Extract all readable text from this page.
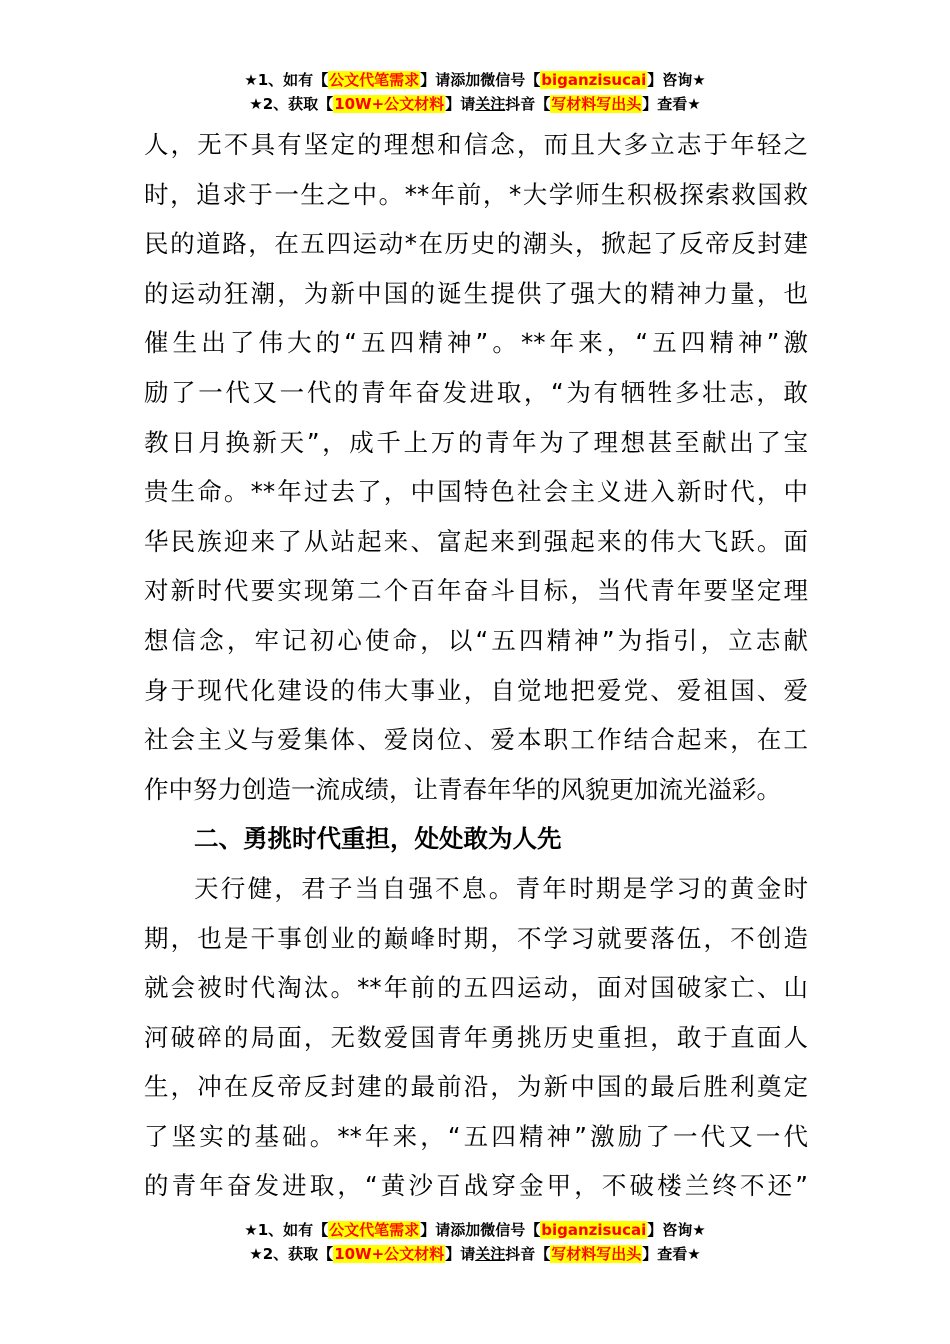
★1、如有【公文代笔需求】请添加微信号【biganzisucai】咨询★
★2、获取【10W+公文材料】请关注抖音【写材料写出头】查看★
人，无不具有坚定的理想和信念，而且大多立志于年轻之
时，追求于一生之中。**年前，*大学师生积极探索救国救
民的道路，在五四运动*在历史的潮头，掀起了反帝反封建
的运动狂潮，为新中国的诞生提供了强大的精神力量，也
催生出了伟大的“五四精神”。**年来，“五四精神”激
励了一代又一代的青年奋发进取，“为有牺牲多壮志，敢
教日月换新天”，成千上万的青年为了理想甚至献出了宝
贵生命。**年过去了，中国特色社会主义进入新时代，中
华民族迎来了从站起来、富起来到强起来的伟大飞跃。面
对新时代要实现第二个百年奋斗目标，当代青年要坚定理
想信念，牢记初心使命，以“五四精神”为指引，立志献
身于现代化建设的伟大事业，自觉地把爱党、爱祖国、爱
社会主义与爱集体、爱岗位、爱本职工作结合起来，在工
作中努力创造一流成绩，让青春年华的风貌更加流光溢彩。
二、勇挑时代重担，处处敢为人先
天行健，君子当自强不息。青年时期是学习的黄金时
期，也是干事创业的巅峰时期，不学习就要落伍，不创造
就会被时代淘汰。**年前的五四运动，面对国破家亡、山
河破碎的局面，无数爱国青年勇挑历史重担，敢于直面人
生，冲在反帝反封建的最前沿，为新中国的最后胜利奠定
了坚实的基础。**年来，“五四精神”激励了一代又一代
的青年奋发进取，“黄沙百战穿金甲，不破楼兰终不还”
★1、如有【公文代笔需求】请添加微信号【biganzisucai】咨询★
★2、获取【10W+公文材料】请关注抖音【写材料写出头】查看★
